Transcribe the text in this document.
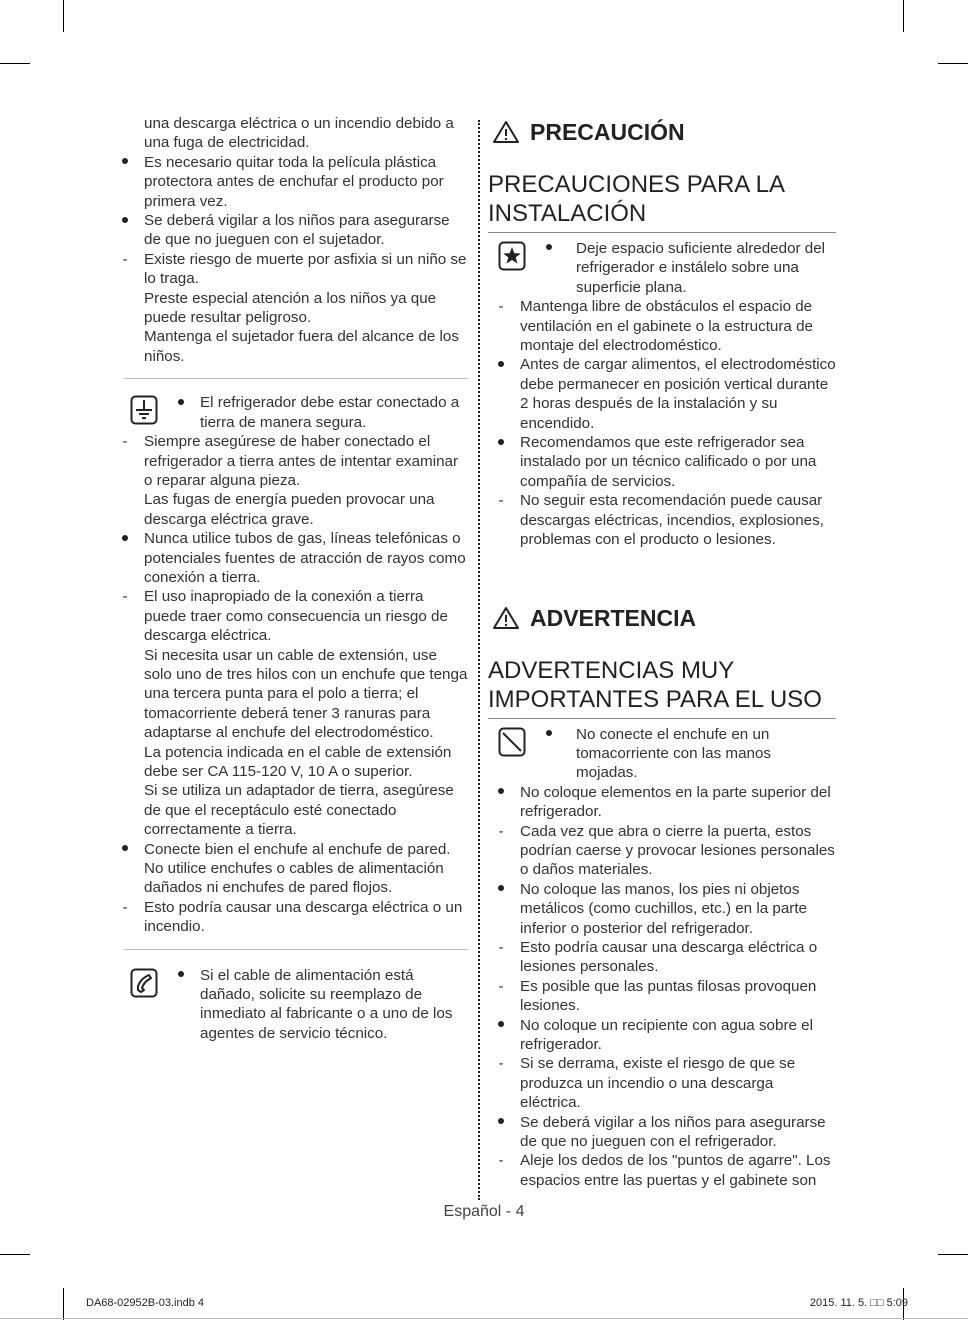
una descarga eléctrica o un incendio debido a una fuga de electricidad.
Es necesario quitar toda la película plástica protectora antes de enchufar el producto por primera vez.
Se deberá vigilar a los niños para asegurarse de que no jueguen con el sujetador.
- Existe riesgo de muerte por asfixia si un niño se lo traga.
Preste especial atención a los niños ya que puede resultar peligroso.
Mantenga el sujetador fuera del alcance de los niños.
El refrigerador debe estar conectado a tierra de manera segura.
- Siempre asegúrese de haber conectado el refrigerador a tierra antes de intentar examinar o reparar alguna pieza.
Las fugas de energía pueden provocar una descarga eléctrica grave.
Nunca utilice tubos de gas, líneas telefónicas o potenciales fuentes de atracción de rayos como conexión a tierra.
- El uso inapropiado de la conexión a tierra puede traer como consecuencia un riesgo de descarga eléctrica.
Si necesita usar un cable de extensión, use solo uno de tres hilos con un enchufe que tenga una tercera punta para el polo a tierra; el tomacorriente deberá tener 3 ranuras para adaptarse al enchufe del electrodoméstico.
La potencia indicada en el cable de extensión debe ser CA 115-120 V, 10 A o superior.
Si se utiliza un adaptador de tierra, asegúrese de que el receptáculo esté conectado correctamente a tierra.
Conecte bien el enchufe al enchufe de pared. No utilice enchufes o cables de alimentación dañados ni enchufes de pared flojos.
- Esto podría causar una descarga eléctrica o un incendio.
Si el cable de alimentación está dañado, solicite su reemplazo de inmediato al fabricante o a uno de los agentes de servicio técnico.
PRECAUCIÓN
PRECAUCIONES PARA LA INSTALACIÓN
Deje espacio suficiente alrededor del refrigerador e instálelo sobre una superficie plana.
- Mantenga libre de obstáculos el espacio de ventilación en el gabinete o la estructura de montaje del electrodoméstico.
Antes de cargar alimentos, el electrodoméstico debe permanecer en posición vertical durante 2 horas después de la instalación y su encendido.
Recomendamos que este refrigerador sea instalado por un técnico calificado o por una compañía de servicios.
- No seguir esta recomendación puede causar descargas eléctricas, incendios, explosiones, problemas con el producto o lesiones.
ADVERTENCIA
ADVERTENCIAS MUY IMPORTANTES PARA EL USO
No conecte el enchufe en un tomacorriente con las manos mojadas.
No coloque elementos en la parte superior del refrigerador.
- Cada vez que abra o cierre la puerta, estos podrían caerse y provocar lesiones personales o daños materiales.
No coloque las manos, los pies ni objetos metálicos (como cuchillos, etc.) en la parte inferior o posterior del refrigerador.
- Esto podría causar una descarga eléctrica o lesiones personales.
- Es posible que las puntas filosas provoquen lesiones.
No coloque un recipiente con agua sobre el refrigerador.
- Si se derrama, existe el riesgo de que se produzca un incendio o una descarga eléctrica.
Se deberá vigilar a los niños para asegurarse de que no jueguen con el refrigerador.
- Aleje los dedos de los "puntos de agarre". Los espacios entre las puertas y el gabinete son
Español - 4
DA68-02952B-03.indb 4	2015. 11. 5. □□ 5:09
